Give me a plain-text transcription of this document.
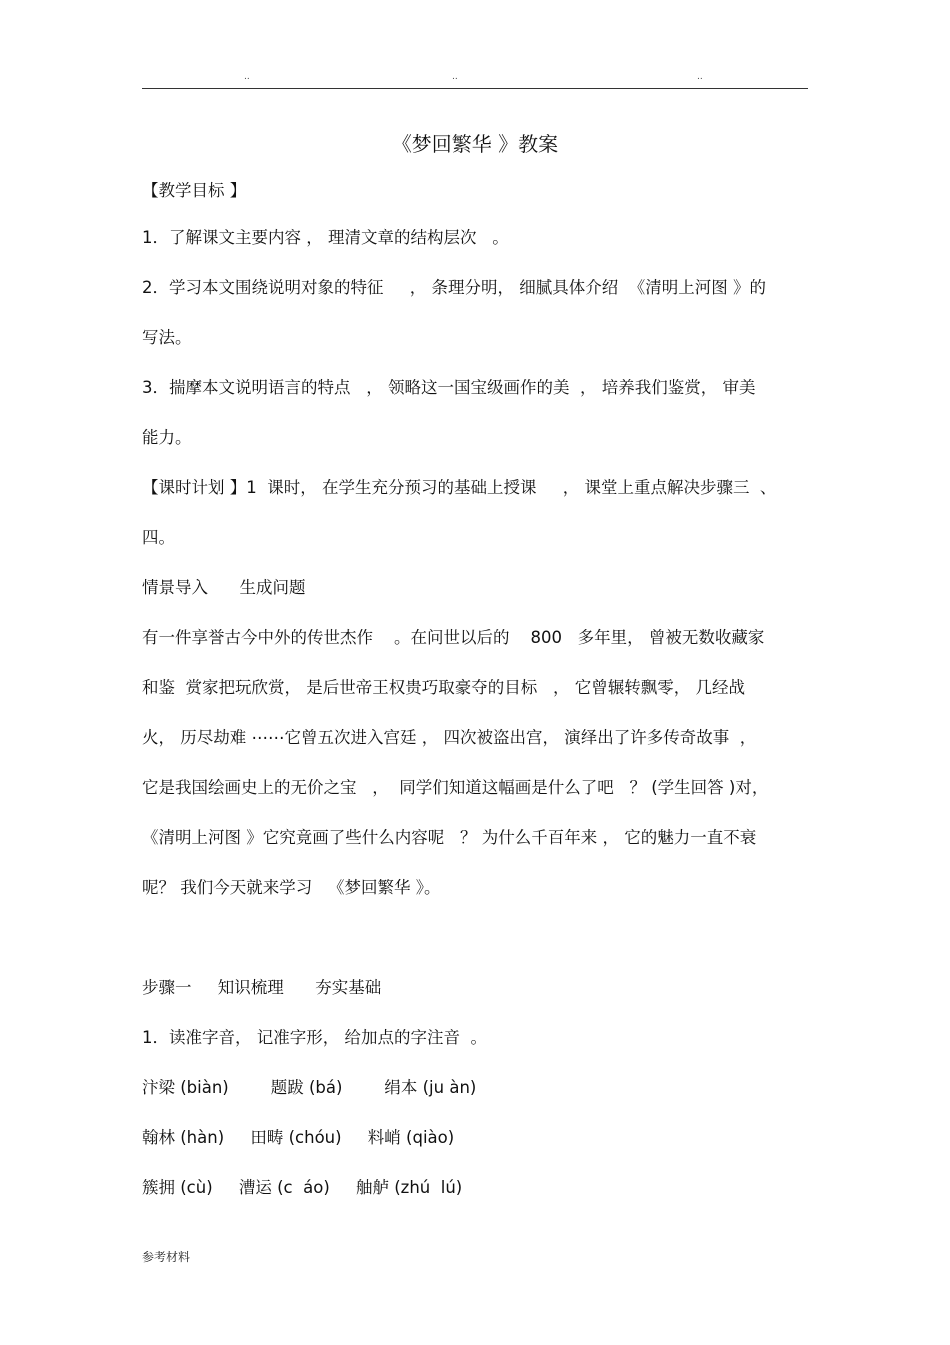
..	..	..
《梦回繁华 》教案

【教学目标 】

1．了解课文主要内容 ， 理清文章的结构层次   。

2．学习本文围绕说明对象的特征     ， 条理分明， 细腻具体介绍  《清明上河图 》的

写法。

3．揣摩本文说明语言的特点   ， 领略这一国宝级画作的美  ， 培养我们鉴赏， 审美

能力。

【课时计划 】1  课时， 在学生充分预习的基础上授课     ， 课堂上重点解决步骤三  、

四。

情景导入      生成问题

有一件享誉古今中外的传世杰作    。在问世以后的    800   多年里， 曾被无数收藏家

和鉴  赏家把玩欣赏， 是后世帝王权贵巧取豪夺的目标   ， 它曾辗转飘零， 几经战

火， 历尽劫难 ⋯⋯它曾五次进入宫廷 ， 四次被盗出宫， 演绎出了许多传奇故事  ，

它是我国绘画史上的无价之宝   ，  同学们知道这幅画是什么了吧   ？ (学生回答 )对，

《清明上河图 》它究竟画了些什么内容呢   ？ 为什么千百年来 ， 它的魅力一直不衰

呢？ 我们今天就来学习   《梦回繁华 》。

步骤一     知识梳理      夯实基础

1．读准字音， 记准字形， 给加点的字注音  。

汴梁 (biàn)        题跋 (bá)        绢本 (ju àn)

翰林 (hàn)     田畴 (chóu)     料峭 (qiào)

簇拥 (cù)     漕运 (c  áo)     舳舻 (zhú  lú)

参考材料
